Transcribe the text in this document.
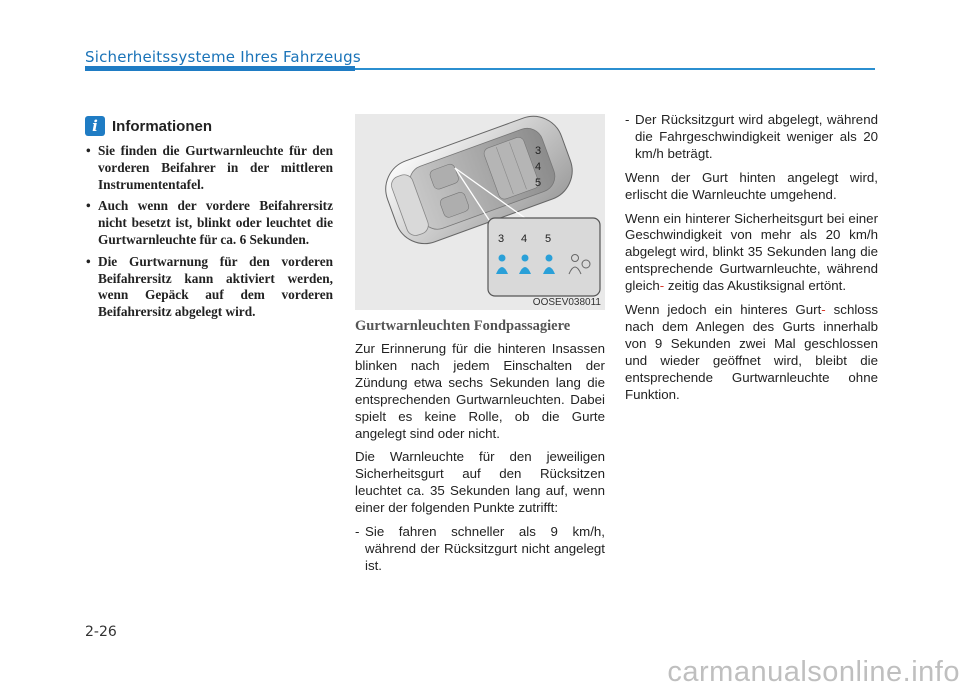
Sicherheitssysteme Ihres Fahrzeugs
i Informationen
• Sie finden die Gurtwarnleuchte für den vorderen Beifahrer in der mittleren Instrumententafel.
• Auch wenn der vordere Beifahrersitz nicht besetzt ist, blinkt oder leuchtet die Gurtwarnleuchte für ca. 6 Sekunden.
• Die Gurtwarnung für den vorderen Beifahrersitz kann aktiviert werden, wenn Gepäck auf dem vorderen Beifahrersitz abgelegt wird.
3
4
5
3 4 5
OOSEV038011
Gurtwarnleuchten Fondpassagiere

Zur Erinnerung für die hinteren Insassen blinken nach jedem Einschalten der Zündung etwa sechs Sekunden lang die entsprechenden Gurtwarnleuchten. Dabei spielt es keine Rolle, ob die Gurte angelegt sind oder nicht.

Die Warnleuchte für den jeweiligen Sicherheitsgurt auf den Rücksitzen leuchtet ca. 35 Sekunden lang auf, wenn einer der folgenden Punkte zutrifft:

- Sie fahren schneller als 9 km/h, während der Rücksitzgurt nicht angelegt ist.
- Der Rücksitzgurt wird abgelegt, während die Fahrgeschwindigkeit weniger als 20 km/h beträgt.

Wenn der Gurt hinten angelegt wird, erlischt die Warnleuchte umgehend.

Wenn ein hinterer Sicherheitsgurt bei einer Geschwindigkeit von mehr als 20 km/h abgelegt wird, blinkt 35 Sekunden lang die entsprechende Gurtwarnleuchte, während gleich- zeitig das Akustiksignal ertönt.

Wenn jedoch ein hinteres Gurt- schloss nach dem Anlegen des Gurts innerhalb von 9 Sekunden zwei Mal geschlossen und wieder geöffnet wird, bleibt die entsprechende Gurtwarnleuchte ohne Funktion.

2-26
carmanualsonline.info
